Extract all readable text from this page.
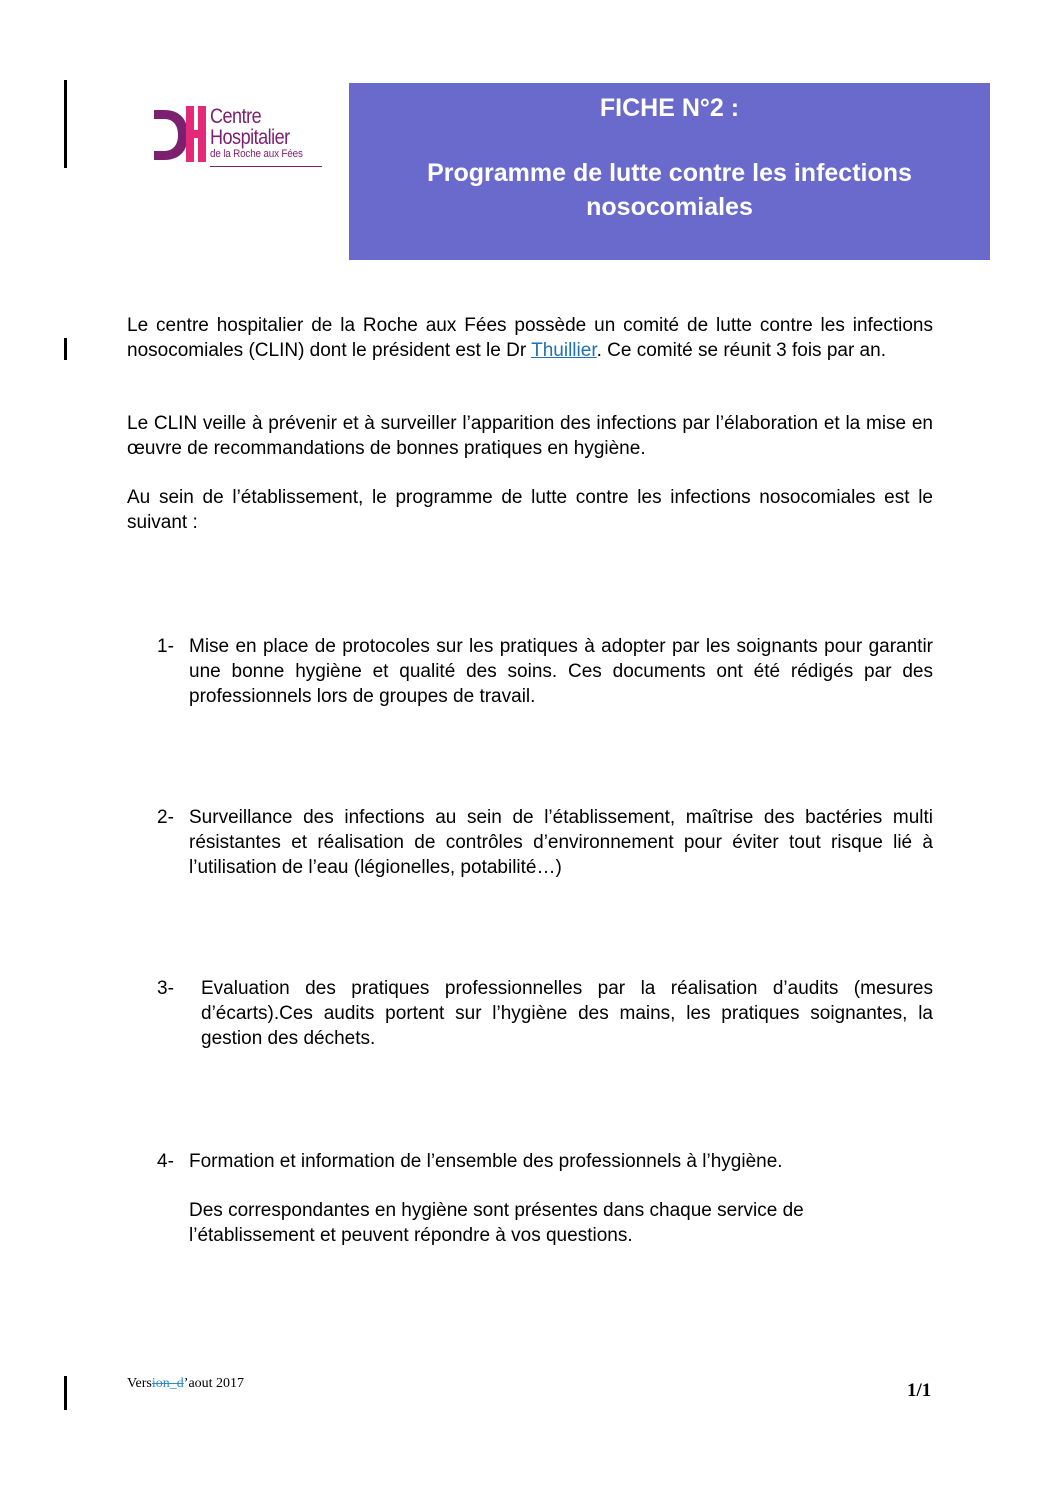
Centre
Hospitalier
de la Roche aux Fées
FICHE N°2 :
Programme de lutte contre les infections nosocomiales

Le centre hospitalier de la Roche aux Fées possède un comité de lutte contre les infections nosocomiales (CLIN) dont le président est le Dr Thuillier. Ce comité se réunit 3 fois par an.

Le CLIN veille à prévenir et à surveiller l’apparition des infections par l’élaboration et la mise en œuvre de recommandations de bonnes pratiques en hygiène.

Au sein de l’établissement, le programme de lutte contre les infections nosocomiales est le suivant :

1- Mise en place de protocoles sur les pratiques à adopter par les soignants pour garantir une bonne hygiène et qualité des soins. Ces documents ont été rédigés par des professionnels lors de groupes de travail.
2- Surveillance des infections au sein de l’établissement, maîtrise des bactéries multi résistantes et réalisation de contrôles d’environnement pour éviter tout risque lié à l’utilisation de l’eau (légionelles, potabilité…)
3-	Evaluation des pratiques professionnelles par la réalisation d’audits (mesures d’écarts).Ces audits portent sur l’hygiène des mains, les pratiques soignantes, la gestion des déchets.
4- Formation et information de l’ensemble des professionnels à l’hygiène.
Des correspondantes en hygiène sont présentes dans chaque service de l’établissement et peuvent répondre à vos questions.
Version_d’aout 2017	1/1
